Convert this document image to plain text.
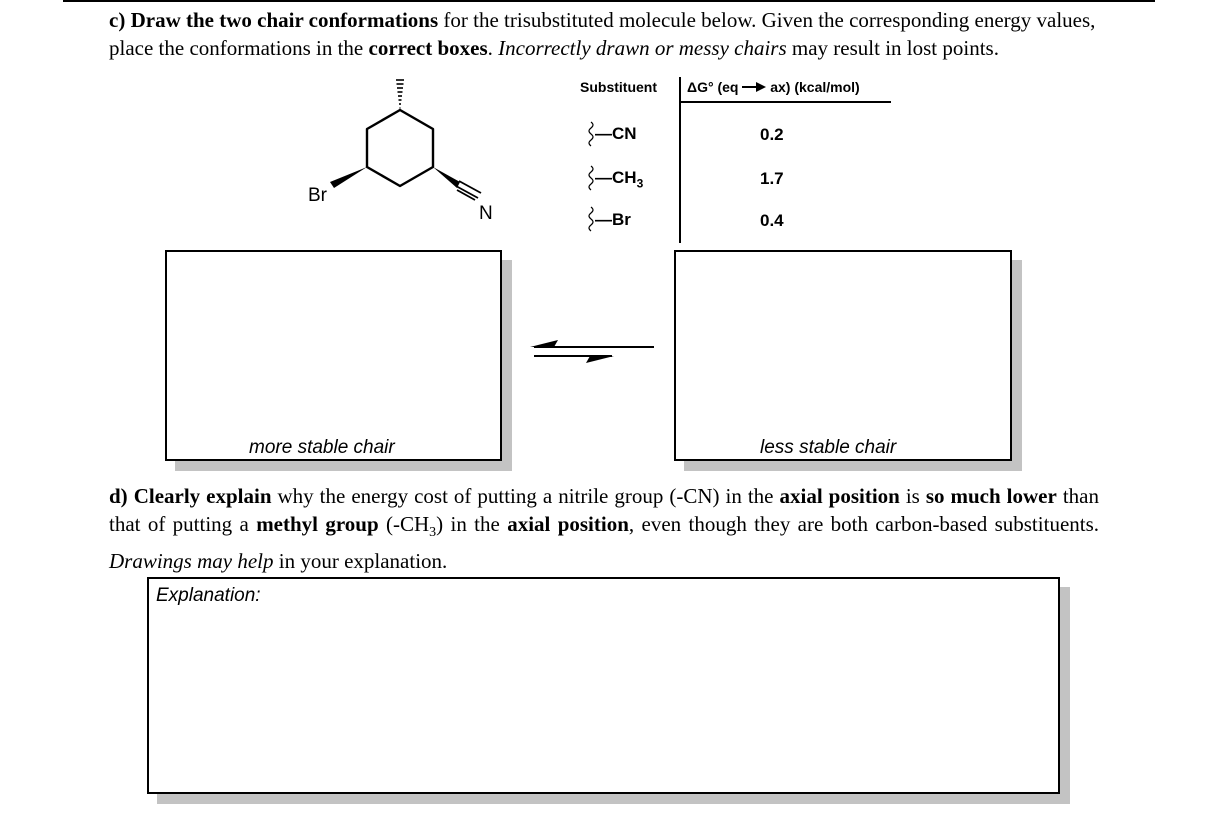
c) Draw the two chair conformations for the trisubstituted molecule below. Given the corresponding energy values, place the conformations in the correct boxes. Incorrectly drawn or messy chairs may result in lost points.
Br
N
Substituent ΔG° (eq ax) (kcal/mol)
—CN	0.2
$—CH_3$	1.7
—Br	0.4
more stable chair	less stable chair
d) Clearly explain why the energy cost of putting a nitrile group (-CN) in the axial position is so much lower than that of putting a methyl group $(-CH_3)$ in the axial position, even though they are both carbon-based substituents. Drawings may help in your explanation.
Explanation:
